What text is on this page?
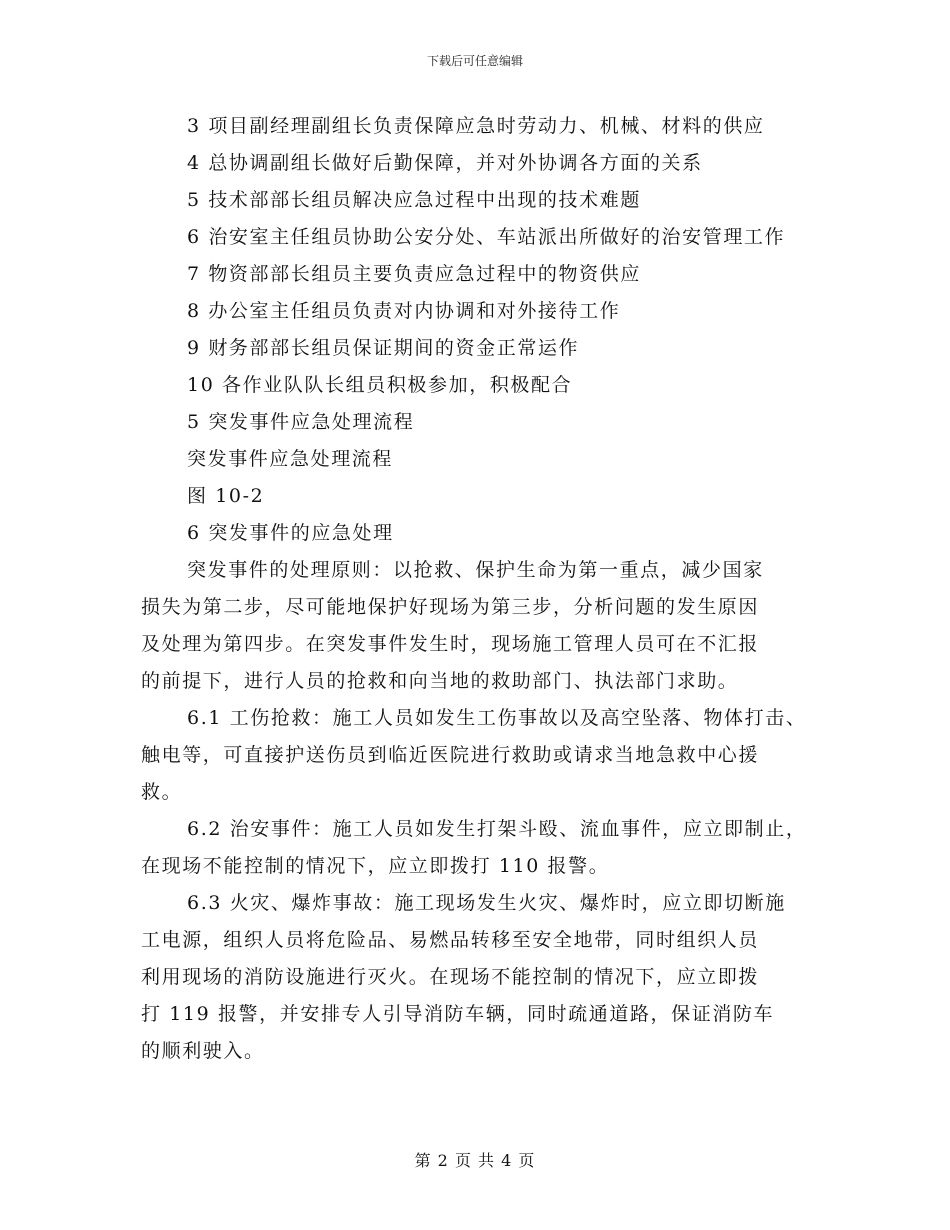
下载后可任意编辑
3 项目副经理副组长负责保障应急时劳动力、机械、材料的供应
4 总协调副组长做好后勤保障，并对外协调各方面的关系
5 技术部部长组员解决应急过程中出现的技术难题
6 治安室主任组员协助公安分处、车站派出所做好的治安管理工作
7 物资部部长组员主要负责应急过程中的物资供应
8 办公室主任组员负责对内协调和对外接待工作
9 财务部部长组员保证期间的资金正常运作
10 各作业队队长组员积极参加，积极配合
5 突发事件应急处理流程
突发事件应急处理流程
图 10-2
6 突发事件的应急处理
突发事件的处理原则：以抢救、保护生命为第一重点，减少国家
损失为第二步，尽可能地保护好现场为第三步，分析问题的发生原因
及处理为第四步。在突发事件发生时，现场施工管理人员可在不汇报
的前提下，进行人员的抢救和向当地的救助部门、执法部门求助。
6.1 工伤抢救：施工人员如发生工伤事故以及高空坠落、物体打击、
触电等，可直接护送伤员到临近医院进行救助或请求当地急救中心援
救。
6.2 治安事件：施工人员如发生打架斗殴、流血事件，应立即制止，
在现场不能控制的情况下，应立即拨打 110 报警。
6.3 火灾、爆炸事故：施工现场发生火灾、爆炸时，应立即切断施
工电源，组织人员将危险品、易燃品转移至安全地带，同时组织人员
利用现场的消防设施进行灭火。在现场不能控制的情况下，应立即拨
打 119 报警，并安排专人引导消防车辆，同时疏通道路，保证消防车
的顺利驶入。
第 2 页 共 4 页
